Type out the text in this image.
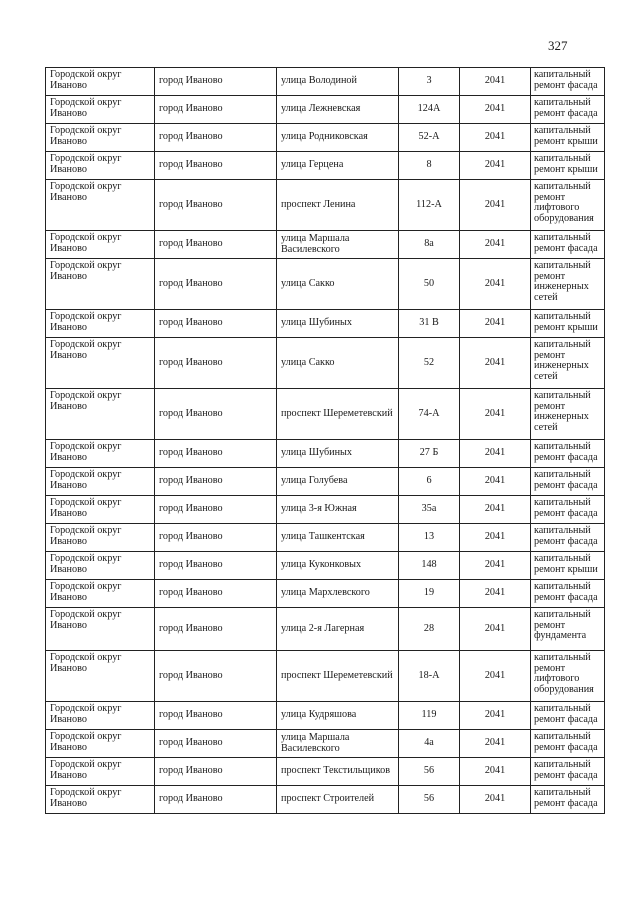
327
Городской округ Иваново	город Иваново	улица Володиной	3	2041	капитальный ремонт фасада
Городской округ Иваново	город Иваново	улица Лежневская	124А	2041	капитальный ремонт фасада
Городской округ Иваново	город Иваново	улица Родниковская	52-А	2041	капитальный ремонт крыши
Городской округ Иваново	город Иваново	улица Герцена	8	2041	капитальный ремонт крыши
Городской округ Иваново	город Иваново	проспект Ленина	112-А	2041	капитальный ремонт лифтового оборудования
Городской округ Иваново	город Иваново	улица Маршала Василевского	8а	2041	капитальный ремонт фасада
Городской округ Иваново	город Иваново	улица Сакко	50	2041	капитальный ремонт инженерных сетей
Городской округ Иваново	город Иваново	улица Шубиных	31 В	2041	капитальный ремонт крыши
Городской округ Иваново	город Иваново	улица Сакко	52	2041	капитальный ремонт инженерных сетей
Городской округ Иваново	город Иваново	проспект Шереметевский	74-А	2041	капитальный ремонт инженерных сетей
Городской округ Иваново	город Иваново	улица Шубиных	27 Б	2041	капитальный ремонт фасада
Городской округ Иваново	город Иваново	улица Голубева	6	2041	капитальный ремонт фасада
Городской округ Иваново	город Иваново	улица 3-я Южная	35а	2041	капитальный ремонт фасада
Городской округ Иваново	город Иваново	улица Ташкентская	13	2041	капитальный ремонт фасада
Городской округ Иваново	город Иваново	улица Куконковых	148	2041	капитальный ремонт крыши
Городской округ Иваново	город Иваново	улица Мархлевского	19	2041	капитальный ремонт фасада
Городской округ Иваново	город Иваново	улица 2-я Лагерная	28	2041	капитальный ремонт фундамента
Городской округ Иваново	город Иваново	проспект Шереметевский	18-А	2041	капитальный ремонт лифтового оборудования
Городской округ Иваново	город Иваново	улица Кудряшова	119	2041	капитальный ремонт фасада
Городской округ Иваново	город Иваново	улица Маршала Василевского	4а	2041	капитальный ремонт фасада
Городской округ Иваново	город Иваново	проспект Текстильщиков	56	2041	капитальный ремонт фасада
Городской округ Иваново	город Иваново	проспект Строителей	56	2041	капитальный ремонт фасада
